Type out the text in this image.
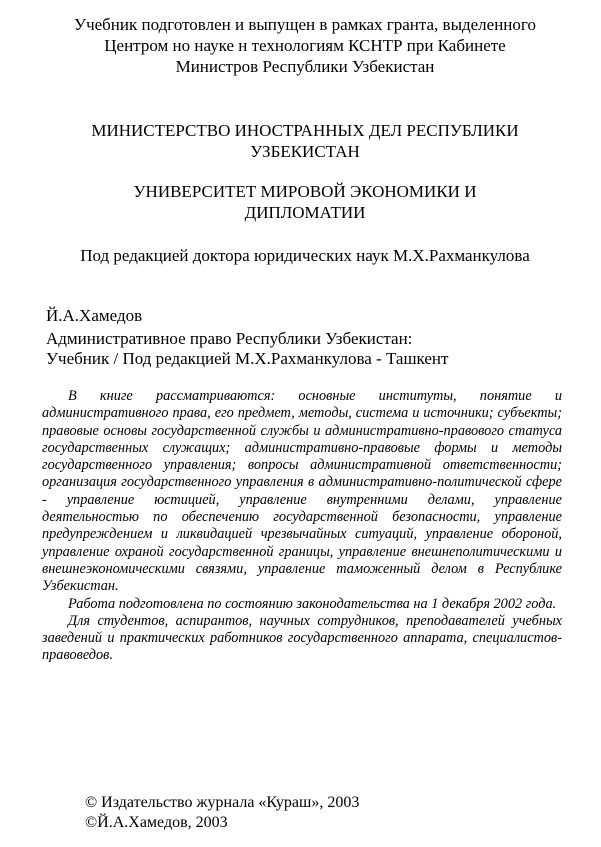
Учебник подготовлен и выпущен в рамках гранта, выделенного
Центром но науке н технологиям КСНТР при Кабинете
Министров Республики Узбекистан
МИНИСТЕРСТВО ИНОСТРАННЫХ ДЕЛ РЕСПУБЛИКИ
УЗБЕКИСТАН
УНИВЕРСИТЕТ МИРОВОЙ ЭКОНОМИКИ И
ДИПЛОМАТИИ
Под редакцией доктора юридических наук М.Х.Рахманкулова
Й.А.Хамедов
Административное право Республики Узбекистан:
Учебник / Под редакцией М.Х.Рахманкулова - Ташкент

В книге рассматриваются: основные институты, понятие и административного права, его предмет, методы, система и источники; субъекты; правовые основы государственной службы и административно-правового статуса государственных служащих; административно-правовые формы и методы государственного управления; вопросы административной ответственности; организация государственного управления в административно-политической сфере - управление юстицией, управление внутренними делами, управление деятельностью по обеспечению государственной безопасности, управление предупреждением и ликвидацией чрезвычайных ситуаций, управление обороной, управление охраной государственной границы, управление внешнеполитическими и внешнеэкономическими связями, управление таможенный делом в Республике Узбекистан.

Работа подготовлена по состоянию законодательства на 1 декабря 2002 года.

Для студентов, аспирантов, научных сотрудников, преподавателей учебных заведений и практических работников государственного аппарата, специалистов-правоведов.

© Издательство журнала «Кураш», 2003
©Й.А.Хамедов, 2003
